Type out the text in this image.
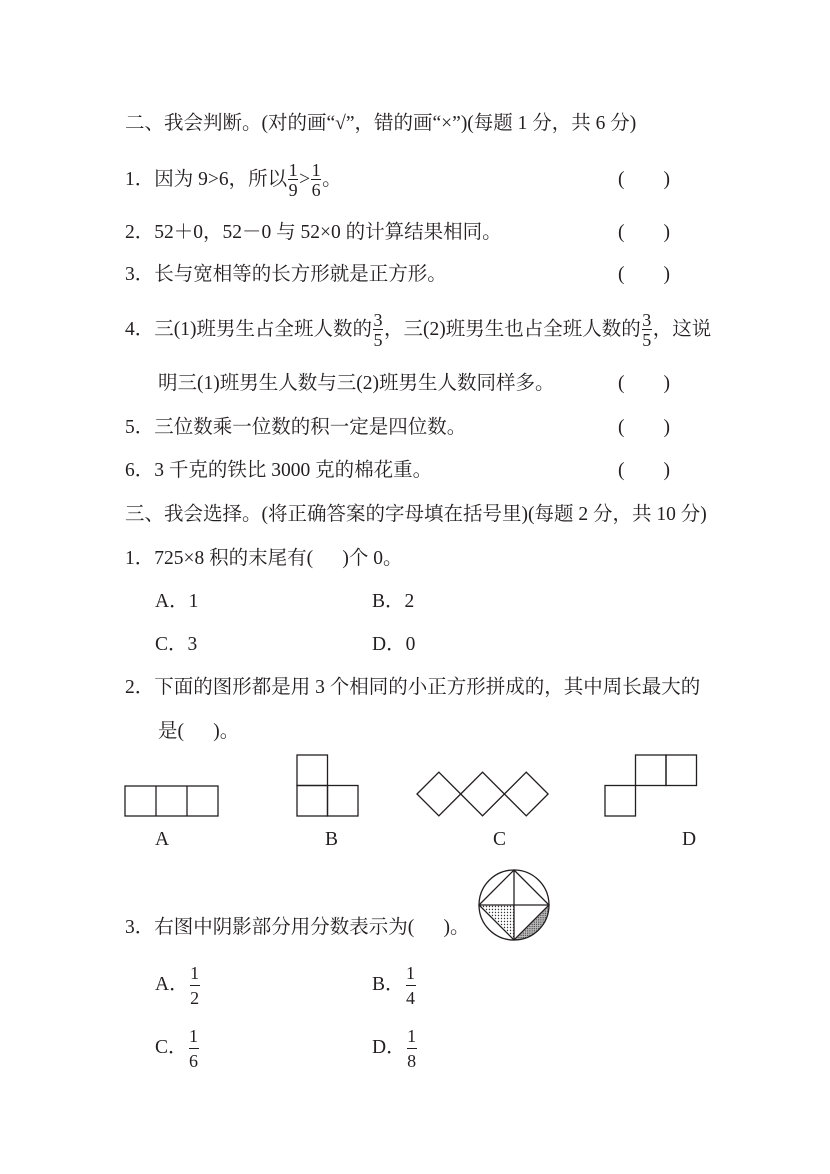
二、我会判断。(对的画“√”，错的画“×”)(每题 1 分，共 6 分)
1．因为 9>6，所以 $\frac{1}{9} > \frac{1}{6}$ 。	(        )
2．52＋0，52－0 与 52×0 的计算结果相同。	(        )
3．长与宽相等的长方形就是正方形。	(        )
4．三(1)班男生占全班人数的 $\frac{3}{5}$ ，三(2)班男生也占全班人数的 $\frac{3}{5}$ ，这说
明三(1)班男生人数与三(2)班男生人数同样多。	(        )
5．三位数乘一位数的积一定是四位数。	(        )
6．3 千克的铁比 3000 克的棉花重。	(        )
三、我会选择。(将正确答案的字母填在括号里)(每题 2 分，共 10 分)
1．725×8 积的末尾有(      )个 0。
A． 1	B． 2
C． 3	D． 0
2．下面的图形都是用 3 个相同的小正方形拼成的，其中周长最大的
是(      )。
A	B	C	D
3．右图中阴影部分用分数表示为(      )。
A． $\frac{1}{2}$	B． $\frac{1}{4}$
C． $\frac{1}{6}$	D． $\frac{1}{8}$
